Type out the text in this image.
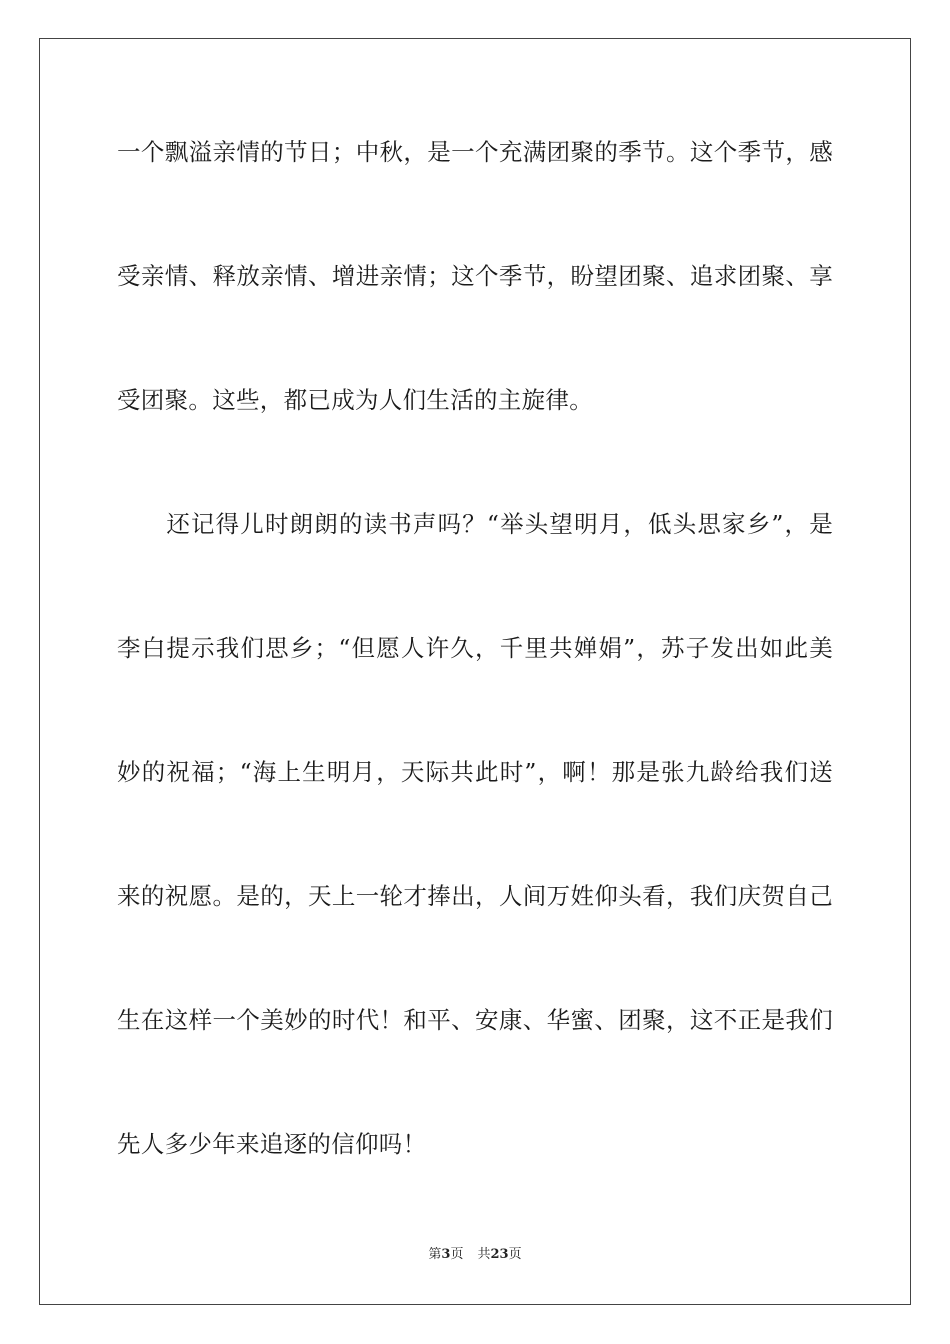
一个飘溢亲情的节日；中秋，是一个充满团聚的季节。这个季节，感
受亲情、释放亲情、增进亲情；这个季节，盼望团聚、追求团聚、享
受团聚。这些，都已成为人们生活的主旋律。
　　还记得儿时朗朗的读书声吗？“举头望明月，低头思家乡”，是
李白提示我们思乡；“但愿人许久，千里共婵娟”，苏子发出如此美
妙的祝福；“海上生明月，天际共此时”，啊！那是张九龄给我们送
来的祝愿。是的，天上一轮才捧出，人间万姓仰头看，我们庆贺自己
生在这样一个美妙的时代！和平、安康、华蜜、团聚，这不正是我们
先人多少年来追逐的信仰吗！
第3页 共23页
